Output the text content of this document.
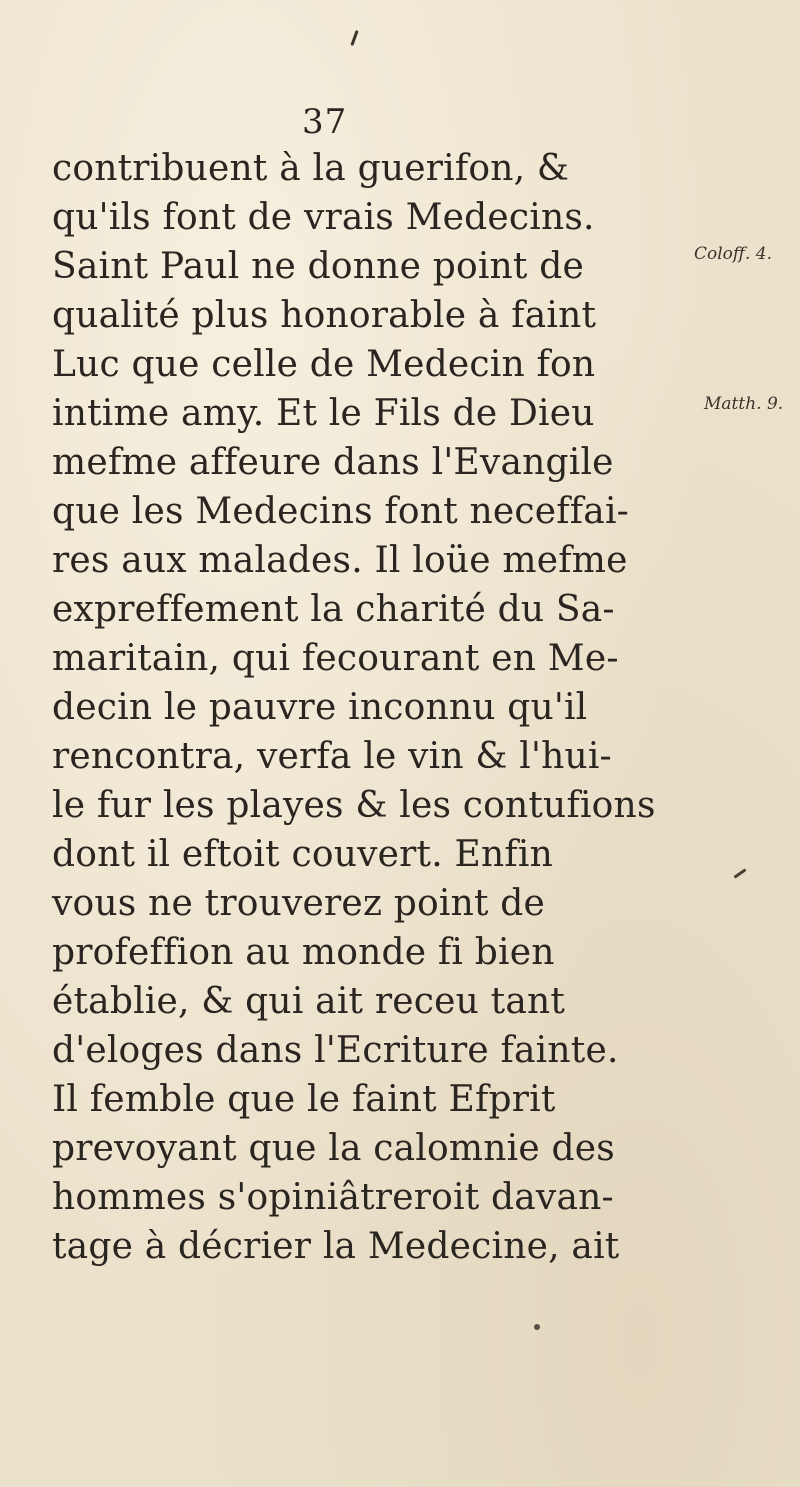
37
contribuent à la guerifon, &
qu'ils font de vrais Medecins.
Saint Paul ne donne point de
qualité plus honorable à faint
Luc que celle de Medecin fon
intime amy. Et le Fils de Dieu
mefme affeure dans l'Evangile
que les Medecins font neceffai-
res aux malades. Il loüe mefme
expreffement la charité du Sa-
maritain, qui fecourant en Me-
decin le pauvre inconnu qu'il
rencontra, verfa le vin & l'hui-
le fur les playes & les contufions
dont il eftoit couvert. Enfin
vous ne trouverez point de
profeffion au monde fi bien
établie, & qui ait receu tant
d'eloges dans l'Ecriture fainte.
Il femble que le faint Efprit
prevoyant que la calomnie des
hommes s'opiniâtreroit davan-
tage à décrier la Medecine, ait
Coloff. 4.
Matth. 9.
